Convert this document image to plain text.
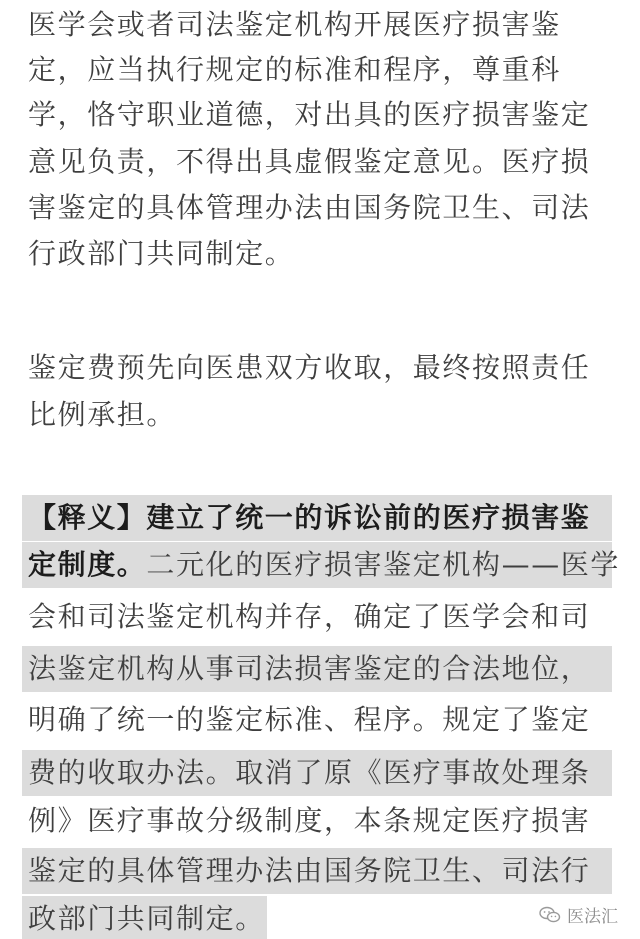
医学会或者司法鉴定机构开展医疗损害鉴
定，应当执行规定的标准和程序，尊重科
学，恪守职业道德，对出具的医疗损害鉴定
意见负责，不得出具虚假鉴定意见。医疗损
害鉴定的具体管理办法由国务院卫生、司法
行政部门共同制定。
鉴定费预先向医患双方收取，最终按照责任
比例承担。
【释义】建立了统一的诉讼前的医疗损害鉴
定制度。二元化的医疗损害鉴定机构——医学
会和司法鉴定机构并存，确定了医学会和司
法鉴定机构从事司法损害鉴定的合法地位，
明确了统一的鉴定标准、程序。规定了鉴定
费的收取办法。取消了原《医疗事故处理条
例》医疗事故分级制度，本条规定医疗损害
鉴定的具体管理办法由国务院卫生、司法行
政部门共同制定。	医法汇
